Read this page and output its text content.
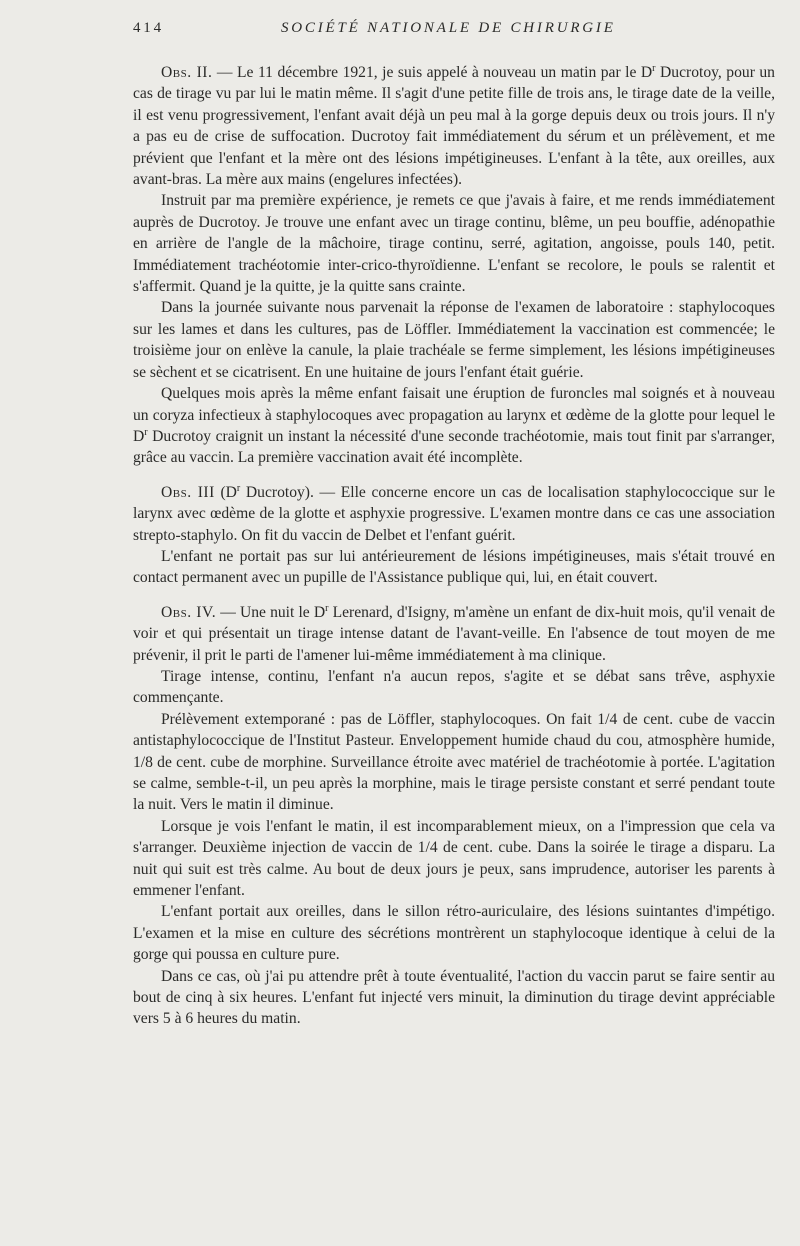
414	SOCIÉTÉ NATIONALE DE CHIRURGIE

Obs. II. — Le 11 décembre 1921, je suis appelé à nouveau un matin par le $D^r$ Ducrotoy, pour un cas de tirage vu par lui le matin même. Il s'agit d'une petite fille de trois ans, le tirage date de la veille, il est venu progressivement, l'enfant avait déjà un peu mal à la gorge depuis deux ou trois jours. Il n'y a pas eu de crise de suffocation. Ducrotoy fait immédiatement du sérum et un prélèvement, et me prévient que l'enfant et la mère ont des lésions impétigineuses. L'enfant à la tête, aux oreilles, aux avant-bras. La mère aux mains (engelures infectées).

Instruit par ma première expérience, je remets ce que j'avais à faire, et me rends immédiatement auprès de Ducrotoy. Je trouve une enfant avec un tirage continu, blême, un peu bouffie, adénopathie en arrière de l'angle de la mâchoire, tirage continu, serré, agitation, angoisse, pouls 140, petit. Immédiatement trachéotomie inter-crico-thyroïdienne. L'enfant se recolore, le pouls se ralentit et s'affermit. Quand je la quitte, je la quitte sans crainte.

Dans la journée suivante nous parvenait la réponse de l'examen de laboratoire : staphylocoques sur les lames et dans les cultures, pas de Löffler. Immédiatement la vaccination est commencée; le troisième jour on enlève la canule, la plaie trachéale se ferme simplement, les lésions impétigineuses se sèchent et se cicatrisent. En une huitaine de jours l'enfant était guérie.

Quelques mois après la même enfant faisait une éruption de furoncles mal soignés et à nouveau un coryza infectieux à staphylocoques avec propagation au larynx et œdème de la glotte pour lequel le $D^r$ Ducrotoy craignit un instant la nécessité d'une seconde trachéotomie, mais tout finit par s'arranger, grâce au vaccin. La première vaccination avait été incomplète.

Obs. III ($D^r$ Ducrotoy). — Elle concerne encore un cas de localisation staphylococcique sur le larynx avec œdème de la glotte et asphyxie progressive. L'examen montre dans ce cas une association strepto-staphylo. On fit du vaccin de Delbet et l'enfant guérit.

L'enfant ne portait pas sur lui antérieurement de lésions impétigineuses, mais s'était trouvé en contact permanent avec un pupille de l'Assistance publique qui, lui, en était couvert.

Obs. IV. — Une nuit le $D^r$ Lerenard, d'Isigny, m'amène un enfant de dix-huit mois, qu'il venait de voir et qui présentait un tirage intense datant de l'avant-veille. En l'absence de tout moyen de me prévenir, il prit le parti de l'amener lui-même immédiatement à ma clinique.

Tirage intense, continu, l'enfant n'a aucun repos, s'agite et se débat sans trêve, asphyxie commençante.

Prélèvement extemporané : pas de Löffler, staphylocoques. On fait 1/4 de cent. cube de vaccin antistaphylococcique de l'Institut Pasteur. Enveloppement humide chaud du cou, atmosphère humide, 1/8 de cent. cube de morphine. Surveillance étroite avec matériel de trachéotomie à portée. L'agitation se calme, semble-t-il, un peu après la morphine, mais le tirage persiste constant et serré pendant toute la nuit. Vers le matin il diminue.

Lorsque je vois l'enfant le matin, il est incomparablement mieux, on a l'impression que cela va s'arranger. Deuxième injection de vaccin de 1/4 de cent. cube. Dans la soirée le tirage a disparu. La nuit qui suit est très calme. Au bout de deux jours je peux, sans imprudence, autoriser les parents à emmener l'enfant.

L'enfant portait aux oreilles, dans le sillon rétro-auriculaire, des lésions suintantes d'impétigo. L'examen et la mise en culture des sécrétions montrèrent un staphylocoque identique à celui de la gorge qui poussa en culture pure.

Dans ce cas, où j'ai pu attendre prêt à toute éventualité, l'action du vaccin parut se faire sentir au bout de cinq à six heures. L'enfant fut injecté vers minuit, la diminution du tirage devint appréciable vers 5 à 6 heures du matin.
